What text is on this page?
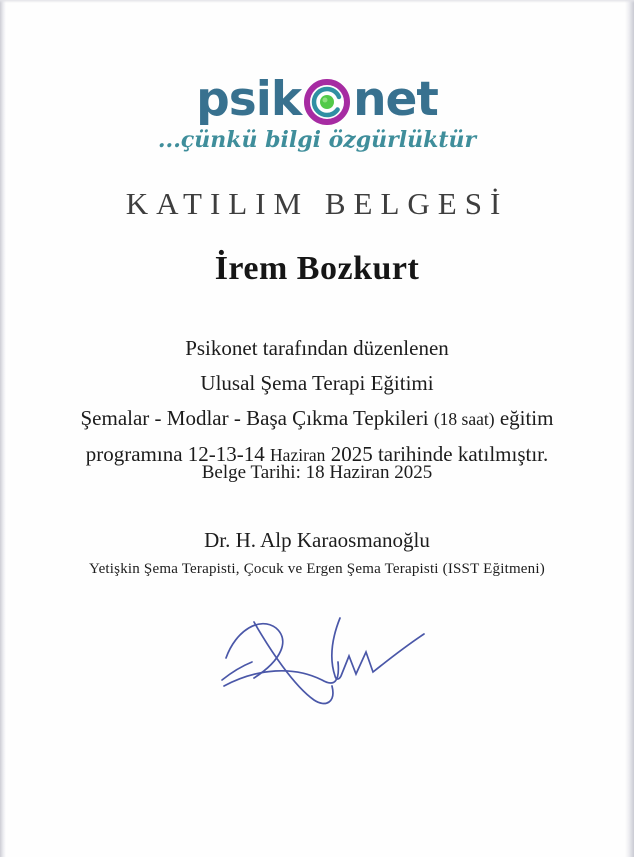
psik net
...çünkü bilgi özgürlüktür
KATILIM BELGESİ
İrem Bozkurt
Psikonet tarafından düzenlenen
Ulusal Şema Terapi Eğitimi
Şemalar - Modlar - Başa Çıkma Tepkileri (18 saat) eğitim
programına 12-13-14 Haziran 2025 tarihinde katılmıştır.
Belge Tarihi: 18 Haziran 2025
Dr. H. Alp Karaosmanoğlu
Yetişkin Şema Terapisti, Çocuk ve Ergen Şema Terapisti (ISST Eğitmeni)
